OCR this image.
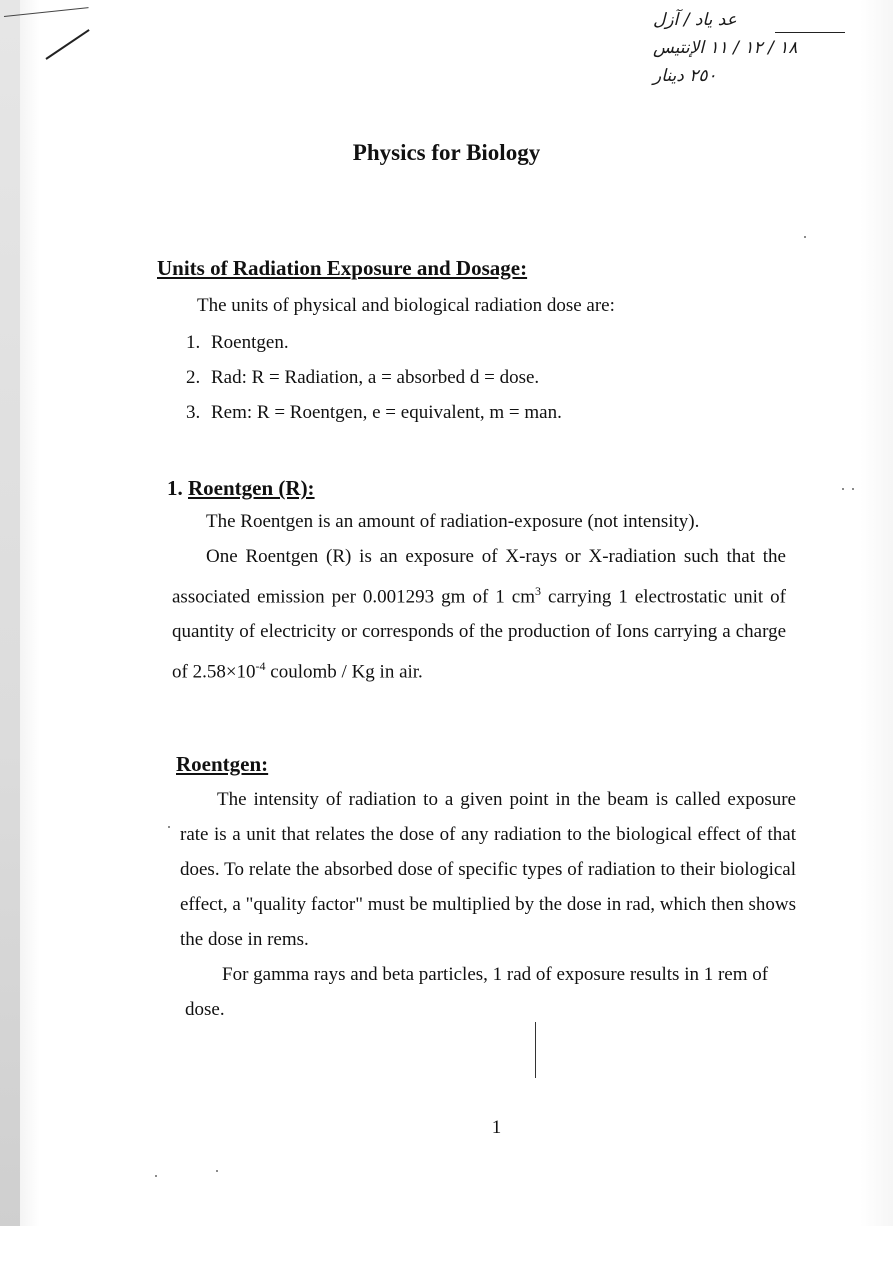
عد ياد / آزل
١٨ / ١٢ / ١١ الإنتيس
٢٥٠ دينار
Physics for Biology
Units of Radiation Exposure and Dosage:
The units of physical and biological radiation dose are:
1. Roentgen.
2. Rad: R = Radiation, a = absorbed d = dose.
3. Rem: R = Roentgen, e = equivalent, m = man.
1. Roentgen (R):
The Roentgen is an amount of radiation-exposure (not intensity).
One Roentgen (R) is an exposure of X-rays or X-radiation such that the associated emission per 0.001293 gm of 1 $cm^3$ carrying 1 electrostatic unit of quantity of electricity or corresponds of the production of Ions carrying a charge of $2.58\times 10^{-4}$ coulomb / Kg in air.
Roentgen:
The intensity of radiation to a given point in the beam is called exposure rate is a unit that relates the dose of any radiation to the biological effect of that does. To relate the absorbed dose of specific types of radiation to their biological effect, a "quality factor" must be multiplied by the dose in rad, which then shows the dose in rems.
For gamma rays and beta particles, 1 rad of exposure results in 1 rem of dose.
1
